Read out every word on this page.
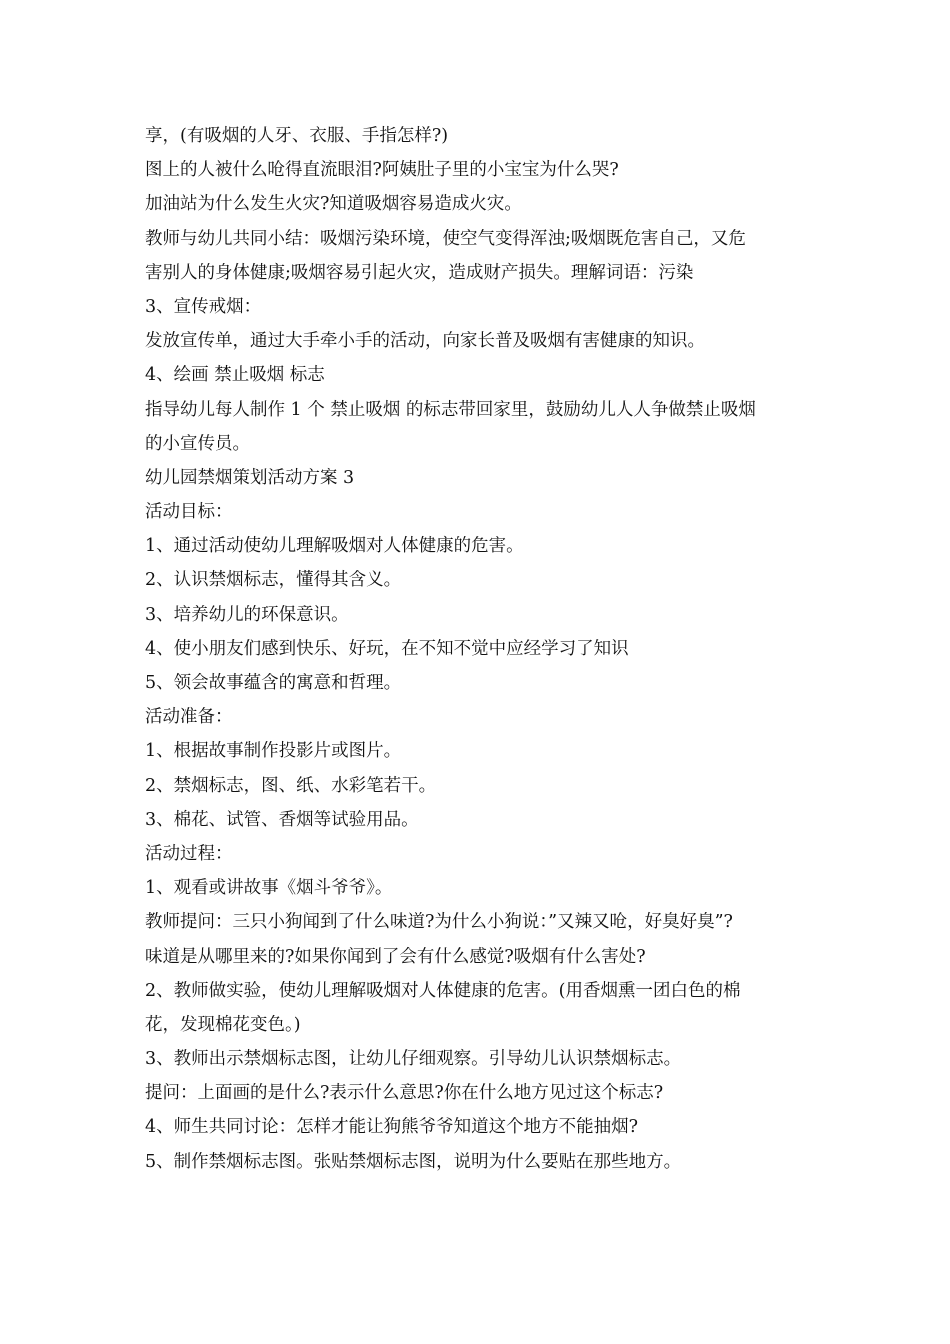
享，(有吸烟的人牙、衣服、手指怎样?)

图上的人被什么呛得直流眼泪?阿姨肚子里的小宝宝为什么哭?

加油站为什么发生火灾?知道吸烟容易造成火灾。

教师与幼儿共同小结：吸烟污染环境，使空气变得浑浊;吸烟既危害自己，又危

害别人的身体健康;吸烟容易引起火灾，造成财产损失。理解词语：污染

3、宣传戒烟：

发放宣传单，通过大手牵小手的活动，向家长普及吸烟有害健康的知识。

4、绘画 禁止吸烟 标志

指导幼儿每人制作 1 个 禁止吸烟 的标志带回家里，鼓励幼儿人人争做禁止吸烟

的小宣传员。

幼儿园禁烟策划活动方案 3

活动目标：

1、通过活动使幼儿理解吸烟对人体健康的危害。

2、认识禁烟标志，懂得其含义。

3、培养幼儿的环保意识。

4、使小朋友们感到快乐、好玩，在不知不觉中应经学习了知识

5、领会故事蕴含的寓意和哲理。

活动准备：

1、根据故事制作投影片或图片。

2、禁烟标志，图、纸、水彩笔若干。

3、棉花、试管、香烟等试验用品。

活动过程：

1、观看或讲故事《烟斗爷爷》。

教师提问：三只小狗闻到了什么味道?为什么小狗说：”又辣又呛，好臭好臭”?

味道是从哪里来的?如果你闻到了会有什么感觉?吸烟有什么害处?

2、教师做实验，使幼儿理解吸烟对人体健康的危害。(用香烟熏一团白色的棉

花，发现棉花变色。)

3、教师出示禁烟标志图，让幼儿仔细观察。引导幼儿认识禁烟标志。

提问：上面画的是什么?表示什么意思?你在什么地方见过这个标志?

4、师生共同讨论：怎样才能让狗熊爷爷知道这个地方不能抽烟?

5、制作禁烟标志图。张贴禁烟标志图，说明为什么要贴在那些地方。
